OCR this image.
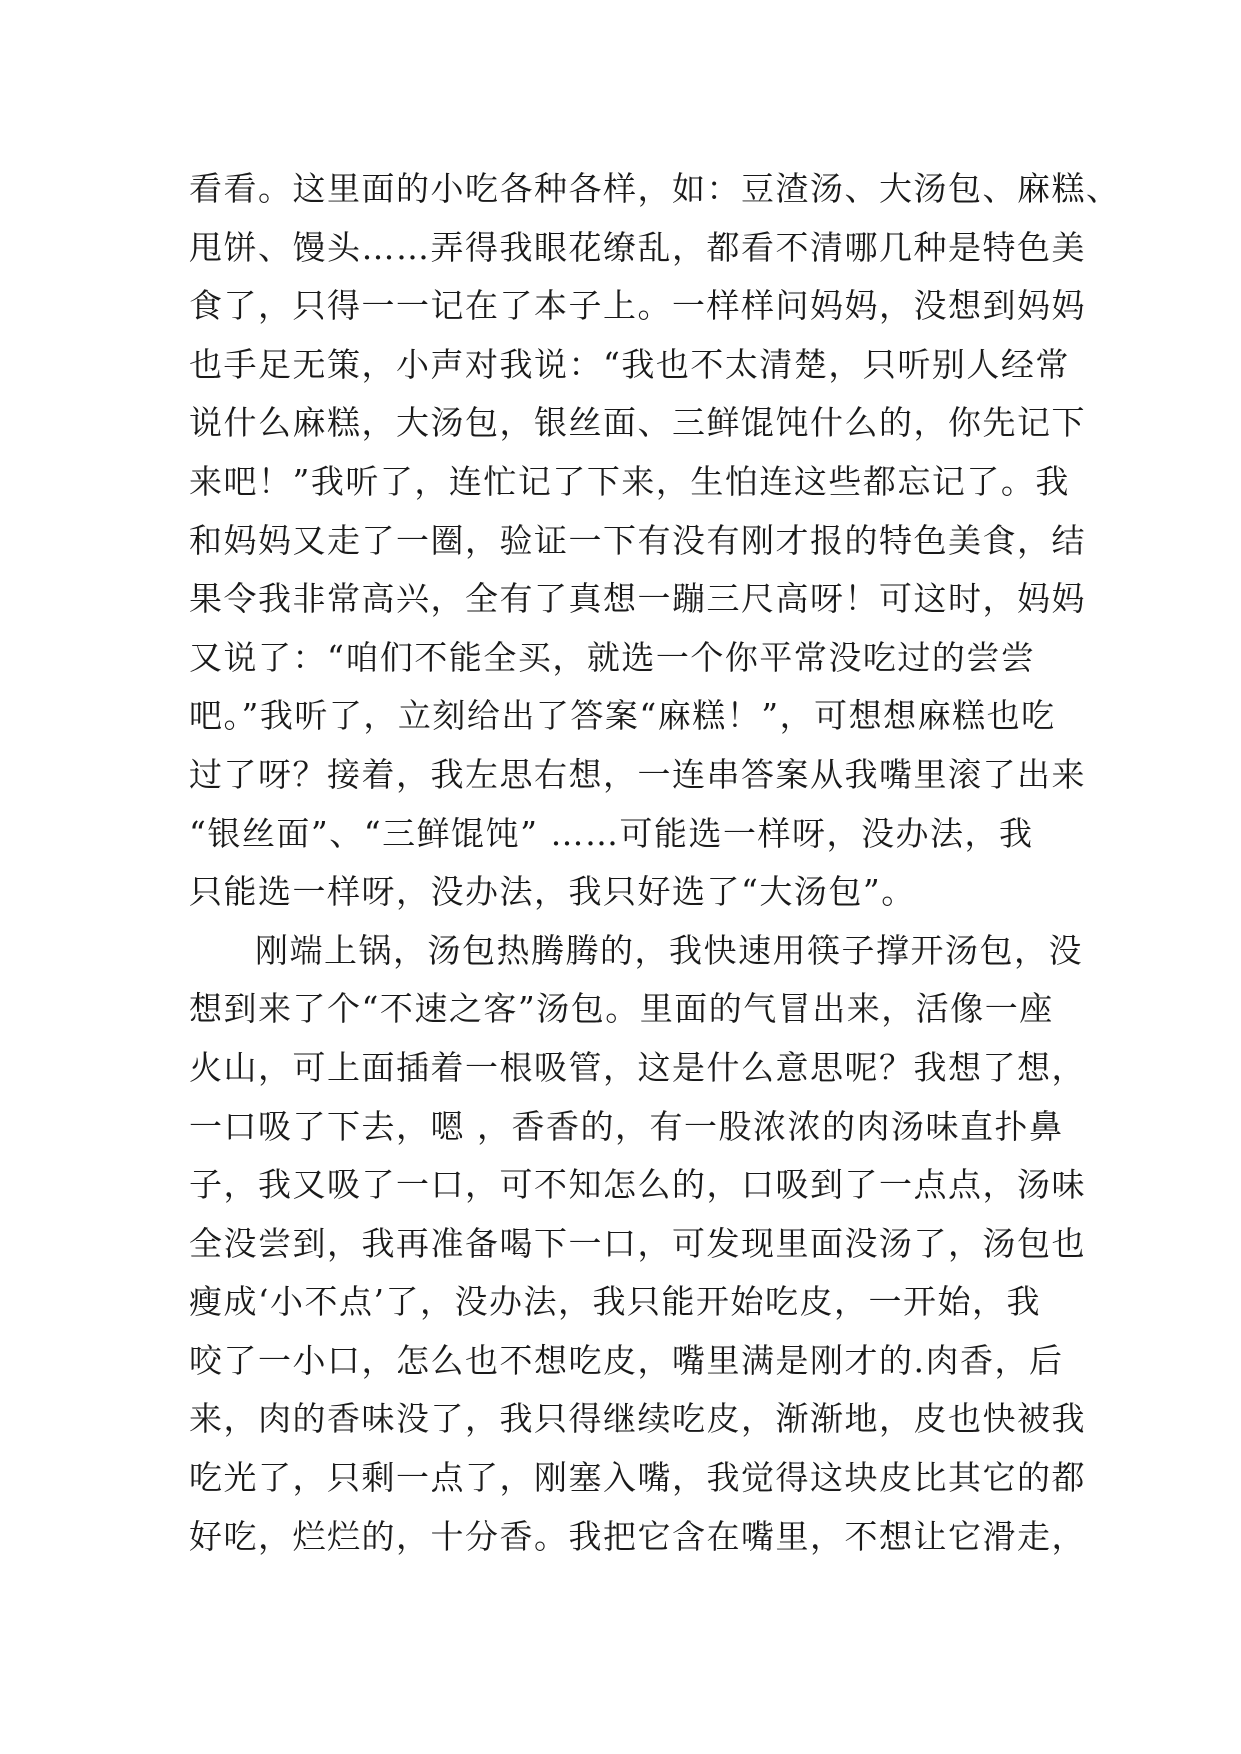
看看。这里面的小吃各种各样，如：豆渣汤、大汤包、麻糕、
甩饼、馒头……弄得我眼花缭乱，都看不清哪几种是特色美
食了，只得一一记在了本子上。一样样问妈妈，没想到妈妈
也手足无策，小声对我说：“我也不太清楚，只听别人经常
说什么麻糕，大汤包，银丝面、三鲜馄饨什么的，你先记下
来吧！”我听了，连忙记了下来，生怕连这些都忘记了。我
和妈妈又走了一圈，验证一下有没有刚才报的特色美食，结
果令我非常高兴，全有了真想一蹦三尺高呀！可这时，妈妈
又说了：“咱们不能全买，就选一个你平常没吃过的尝尝
吧。”我听了，立刻给出了答案“麻糕！”，可想想麻糕也吃
过了呀？接着，我左思右想，一连串答案从我嘴里滚了出来
“银丝面”、“三鲜馄饨” ……可能选一样呀，没办法，我
只能选一样呀，没办法，我只好选了“大汤包”。
刚端上锅，汤包热腾腾的，我快速用筷子撑开汤包，没
想到来了个“不速之客”汤包。里面的气冒出来，活像一座
火山，可上面插着一根吸管，这是什么意思呢？我想了想，
一口吸了下去，嗯 ，香香的，有一股浓浓的肉汤味直扑鼻
子，我又吸了一口，可不知怎么的，口吸到了一点点，汤味
全没尝到，我再准备喝下一口，可发现里面没汤了，汤包也
瘦成‘小不点’了，没办法，我只能开始吃皮，一开始，我
咬了一小口，怎么也不想吃皮，嘴里满是刚才的.肉香，后
来，肉的香味没了，我只得继续吃皮，渐渐地，皮也快被我
吃光了，只剩一点了，刚塞入嘴，我觉得这块皮比其它的都
好吃，烂烂的，十分香。我把它含在嘴里，不想让它滑走，
